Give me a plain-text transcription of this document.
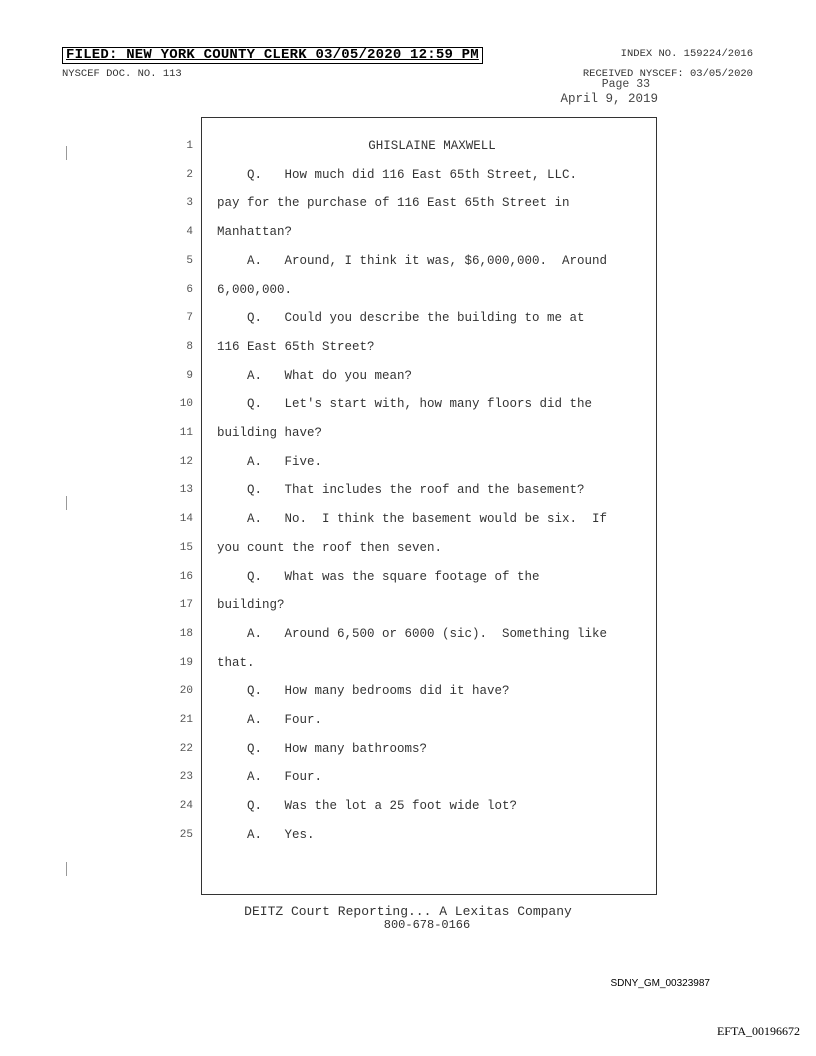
FILED: NEW YORK COUNTY CLERK 03/05/2020 12:59 PM
NYSCEF DOC. NO. 113
INDEX NO. 159224/2016
RECEIVED NYSCEF: 03/05/2020
Page 33
April 9, 2019
1	GHISLAINE MAXWELL
2 Q.   How much did 116 East 65th Street, LLC.
3 pay for the purchase of 116 East 65th Street in
4 Manhattan?
5 A.   Around, I think it was, $6,000,000.  Around
6 6,000,000.
7 Q.   Could you describe the building to me at
8 116 East 65th Street?
9 A.   What do you mean?
10 Q.   Let's start with, how many floors did the
11 building have?
12 A.   Five.
13 Q.   That includes the roof and the basement?
14 A.   No.  I think the basement would be six.  If
15 you count the roof then seven.
16 Q.   What was the square footage of the
17 building?
18 A.   Around 6,500 or 6000 (sic).  Something like
19 that.
20 Q.   How many bedrooms did it have?
21 A.   Four.
22 Q.   How many bathrooms?
23 A.   Four.
24 Q.   Was the lot a 25 foot wide lot?
25 A.   Yes.
DEITZ Court Reporting... A Lexitas Company
800-678-0166
SDNY_GM_00323987
EFTA_00196672
